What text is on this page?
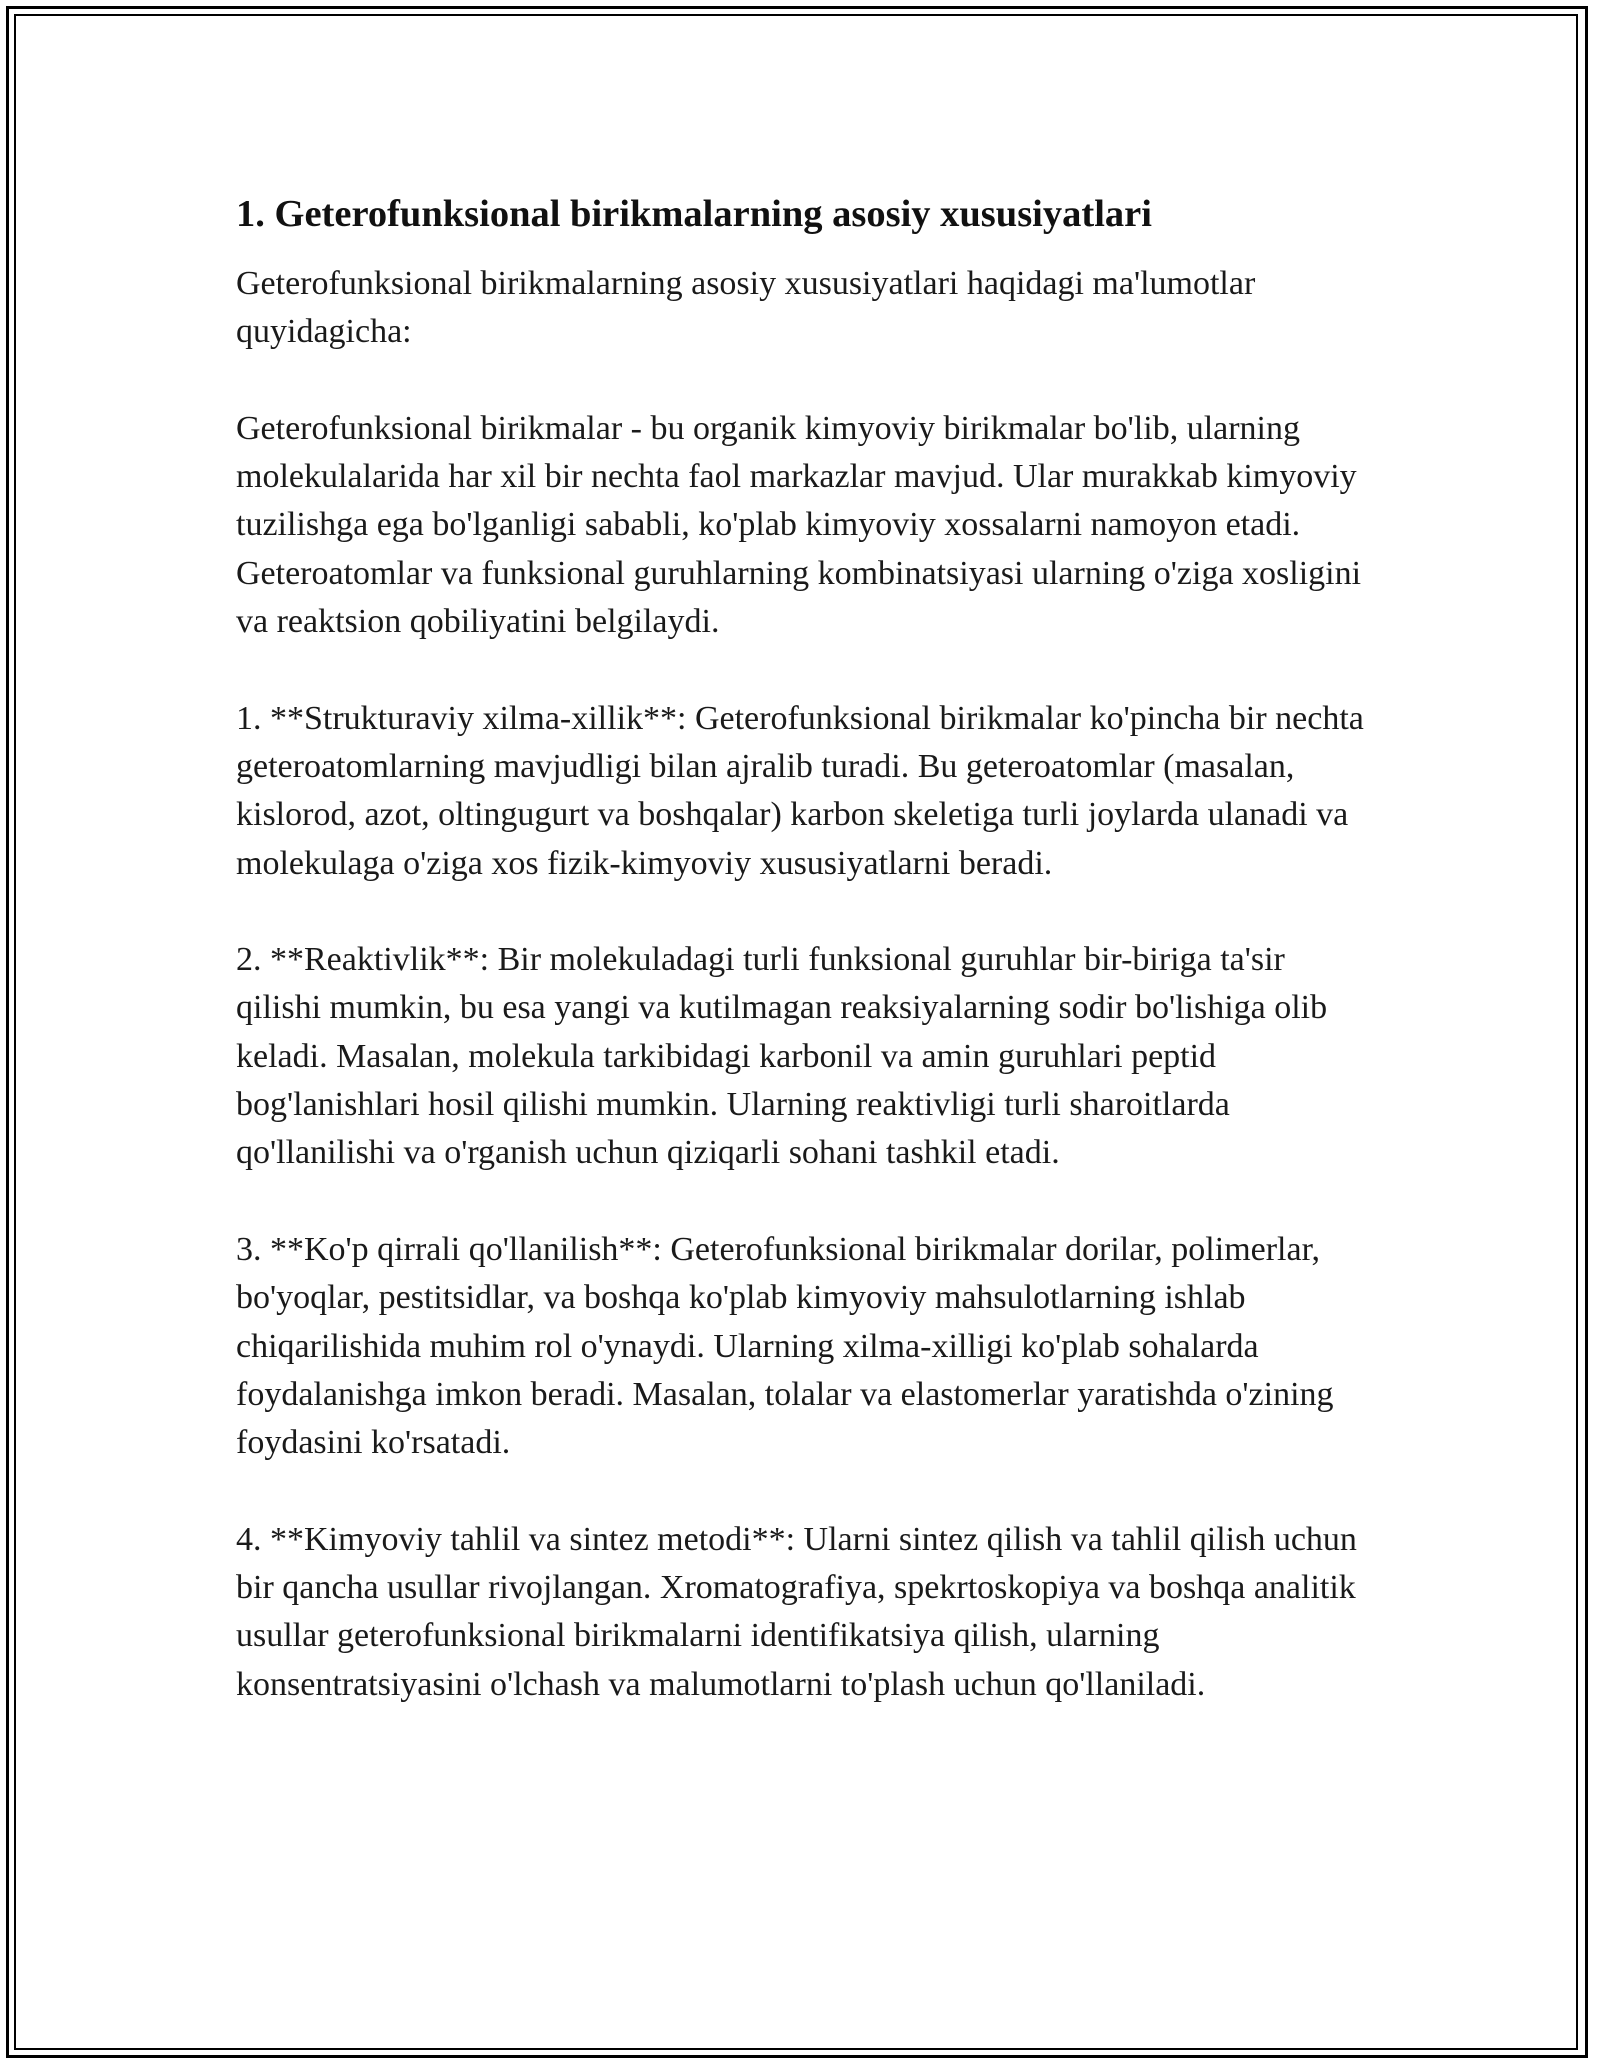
1. Geterofunksional birikmalarning asosiy xususiyatlari

Geterofunksional birikmalarning asosiy xususiyatlari haqidagi ma'lumotlar quyidagicha:

Geterofunksional birikmalar - bu organik kimyoviy birikmalar bo'lib, ularning molekulalarida har xil bir nechta faol markazlar mavjud. Ular murakkab kimyoviy tuzilishga ega bo'lganligi sababli, ko'plab kimyoviy xossalarni namoyon etadi. Geteroatomlar va funksional guruhlarning kombinatsiyasi ularning o'ziga xosligini va reaktsion qobiliyatini belgilaydi.

1. **Strukturaviy xilma-xillik**: Geterofunksional birikmalar ko'pincha bir nechta geteroatomlarning mavjudligi bilan ajralib turadi. Bu geteroatomlar (masalan, kislorod, azot, oltingugurt va boshqalar) karbon skeletiga turli joylarda ulanadi va molekulaga o'ziga xos fizik-kimyoviy xususiyatlarni beradi.

2. **Reaktivlik**: Bir molekuladagi turli funksional guruhlar bir-biriga ta'sir qilishi mumkin, bu esa yangi va kutilmagan reaksiyalarning sodir bo'lishiga olib keladi. Masalan, molekula tarkibidagi karbonil va amin guruhlari peptid bog'lanishlari hosil qilishi mumkin. Ularning reaktivligi turli sharoitlarda qo'llanilishi va o'rganish uchun qiziqarli sohani tashkil etadi.

3. **Ko'p qirrali qo'llanilish**: Geterofunksional birikmalar dorilar, polimerlar, bo'yoqlar, pestitsidlar, va boshqa ko'plab kimyoviy mahsulotlarning ishlab chiqarilishida muhim rol o'ynaydi. Ularning xilma-xilligi ko'plab sohalarda foydalanishga imkon beradi. Masalan, tolalar va elastomerlar yaratishda o'zining foydasini ko'rsatadi.

4. **Kimyoviy tahlil va sintez metodi**: Ularni sintez qilish va tahlil qilish uchun bir qancha usullar rivojlangan. Xromatografiya, spekrtoskopiya va boshqa analitik usullar geterofunksional birikmalarni identifikatsiya qilish, ularning konsentratsiyasini o'lchash va malumotlarni to'plash uchun qo'llaniladi.
